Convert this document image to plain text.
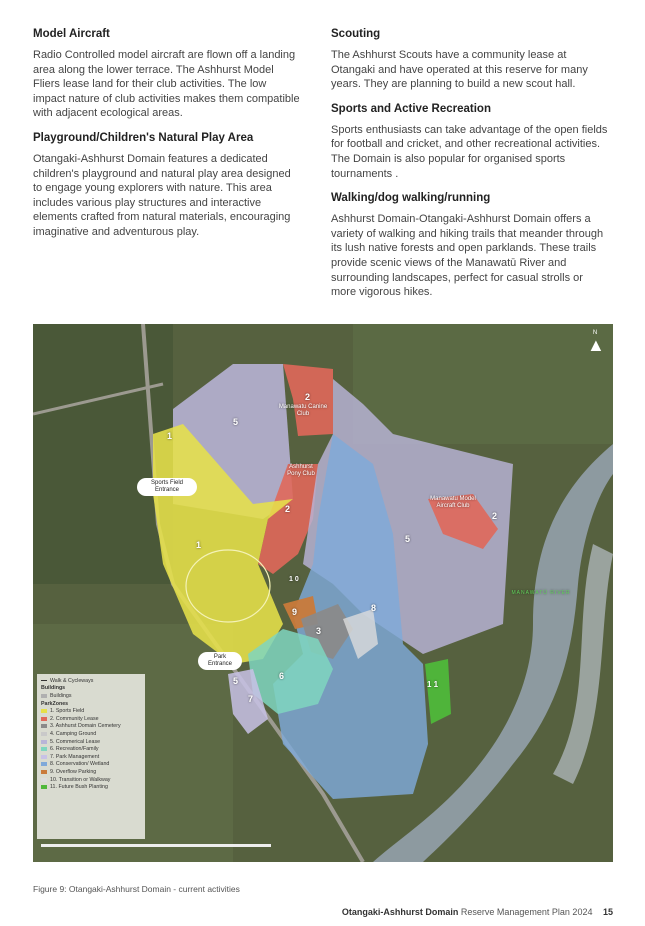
Model Aircraft

Radio Controlled model aircraft are flown off a landing area along the lower terrace. The Ashhurst Model Fliers lease land for their club activities. The low impact nature of club activities makes them compatible with adjacent ecological areas.

Playground/Children's Natural Play Area

Otangaki-Ashhurst Domain features a dedicated children's playground and natural play area designed to engage young explorers with nature. This area includes various play structures and interactive elements crafted from natural materials, encouraging imaginative and adventurous play.

Scouting

The Ashhurst Scouts have a community lease at Otangaki and have operated at this reserve for many years. They are planning to build a new scout hall.

Sports and Active Recreation

Sports enthusiasts can take advantage of the open fields for football and cricket, and other recreational activities. The Domain is also popular for organised sports tournaments .

Walking/dog walking/running

Ashhurst Domain-Otangaki-Ashhurst Domain offers a variety of walking and hiking trails that meander through its lush native forests and open parklands. These trails provide scenic views of the Manawatū River and surrounding landscapes, perfect for casual strolls or more vigorous hikes.

N
▲
Sports Field Entrance
Park Entrance
Manawatu Canine Club
Ashhurst Pony Club
Manawatu Model Aircraft Club
5
2
1
2
1
5
2
9
3
8
6
7
5	1 1
1 0
MANAWATŪ RIVER
Walk & Cycleways
Buildings
Buildings
ParkZones
1. Sports Field
2. Community Lease
3. Ashhurst Domain Cemetery
4. Camping Ground
5. Commerical Lease
6. Recreation/Family
7. Park Management
8. Conservation/ Wetland
9. Overflow Parking
10. Transition or Walkway
11. Future Bush Planting
Figure 9: Otangaki-Ashhurst Domain - current activities
Otangaki-Ashhurst Domain Reserve Management Plan 2024 15
